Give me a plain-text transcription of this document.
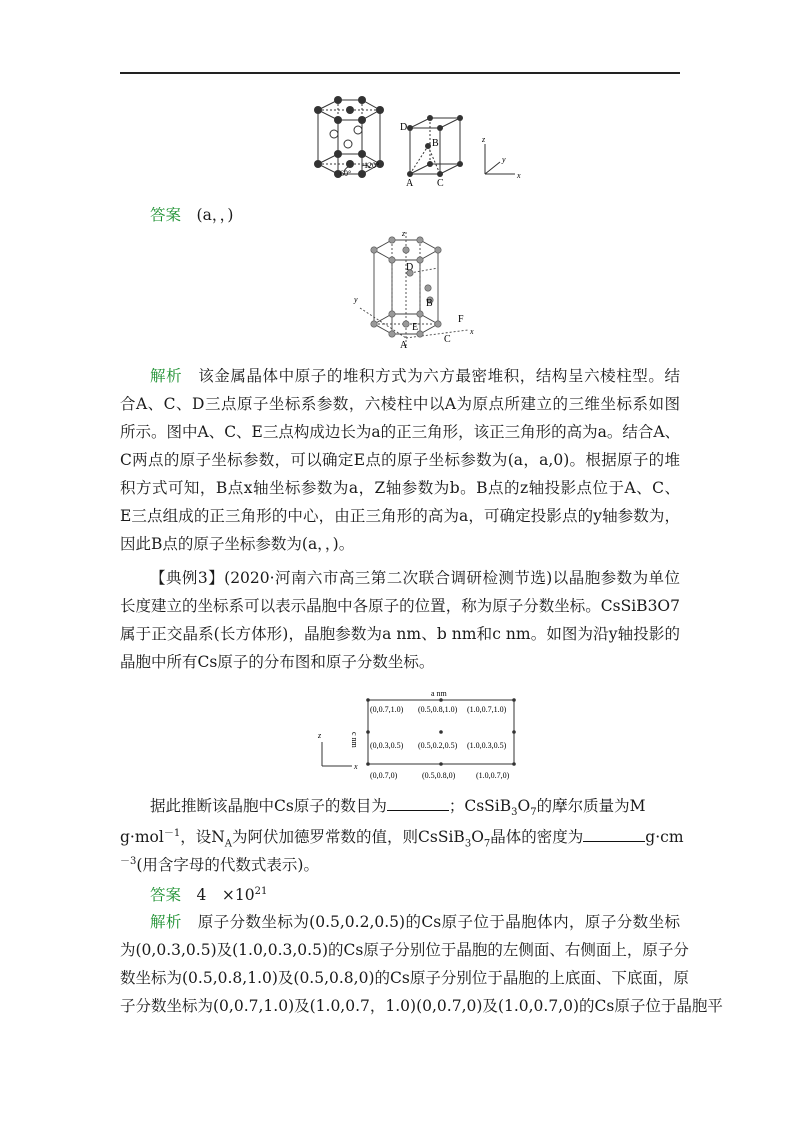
60°
120°
D
B
A C
z
y
x
答案　 (a，，)
z
D
B
y
E
F
C
A
x
解析　 该金属晶体中原子的堆积方式为六方最密堆积，结构呈六棱柱型。结
合A、C、D三点原子坐标系参数，六棱柱中以A为原点所建立的三维坐标系如图
所示。图中A、C、E三点构成边长为a的正三角形，该正三角形的高为a。结合A、
C两点的原子坐标参数，可以确定E点的原子坐标参数为(a，a,0)。根据原子的堆
积方式可知，B点x轴坐标参数为a，Z轴参数为b。B点的z轴投影点位于A、C、
E三点组成的正三角形的中心，由正三角形的高为a，可确定投影点的y轴参数为，
因此B点的原子坐标参数为(a，，)。
【典例3】(2020·河南六市高三第二次联合调研检测节选)以晶胞参数为单位
长度建立的坐标系可以表示晶胞中各原子的位置，称为原子分数坐标。CsSiB3O7
属于正交晶系(长方体形)，晶胞参数为a nm、b nm和c nm。如图为沿y轴投影的
晶胞中所有Cs原子的分布图和原子分数坐标。
a nm
c nm
(0,0.7,1.0) (0.5,0.8,1.0) (1.0,0.7,1.0)
(0,0.3,0.5) (0.5,0.2,0.5) (1.0,0.3,0.5)
(0,0.7,0)	(0.5,0.8,0)	(1.0,0.7,0)
z
x
据此推断该晶胞中Cs原子的数目为	；$CsSiB_3O_7$的摩尔质量为M
g·mol$^{-1}$，设$N_A$为阿伏加德罗常数的值，则$CsSiB_3O_7$晶体的密度为	g·cm
$^{-3}$(用含字母的代数式表示)。
答案　 4　$\times 10^{21}$
解析　 原子分数坐标为(0.5,0.2,0.5)的Cs原子位于晶胞体内，原子分数坐标
为(0,0.3,0.5)及(1.0,0.3,0.5)的Cs原子分别位于晶胞的左侧面、右侧面上，原子分
数坐标为(0.5,0.8,1.0)及(0.5,0.8,0)的Cs原子分别位于晶胞的上底面、下底面，原
子分数坐标为(0,0.7,1.0)及(1.0,0.7，1.0)(0,0.7,0)及(1.0,0.7,0)的Cs原子位于晶胞平
